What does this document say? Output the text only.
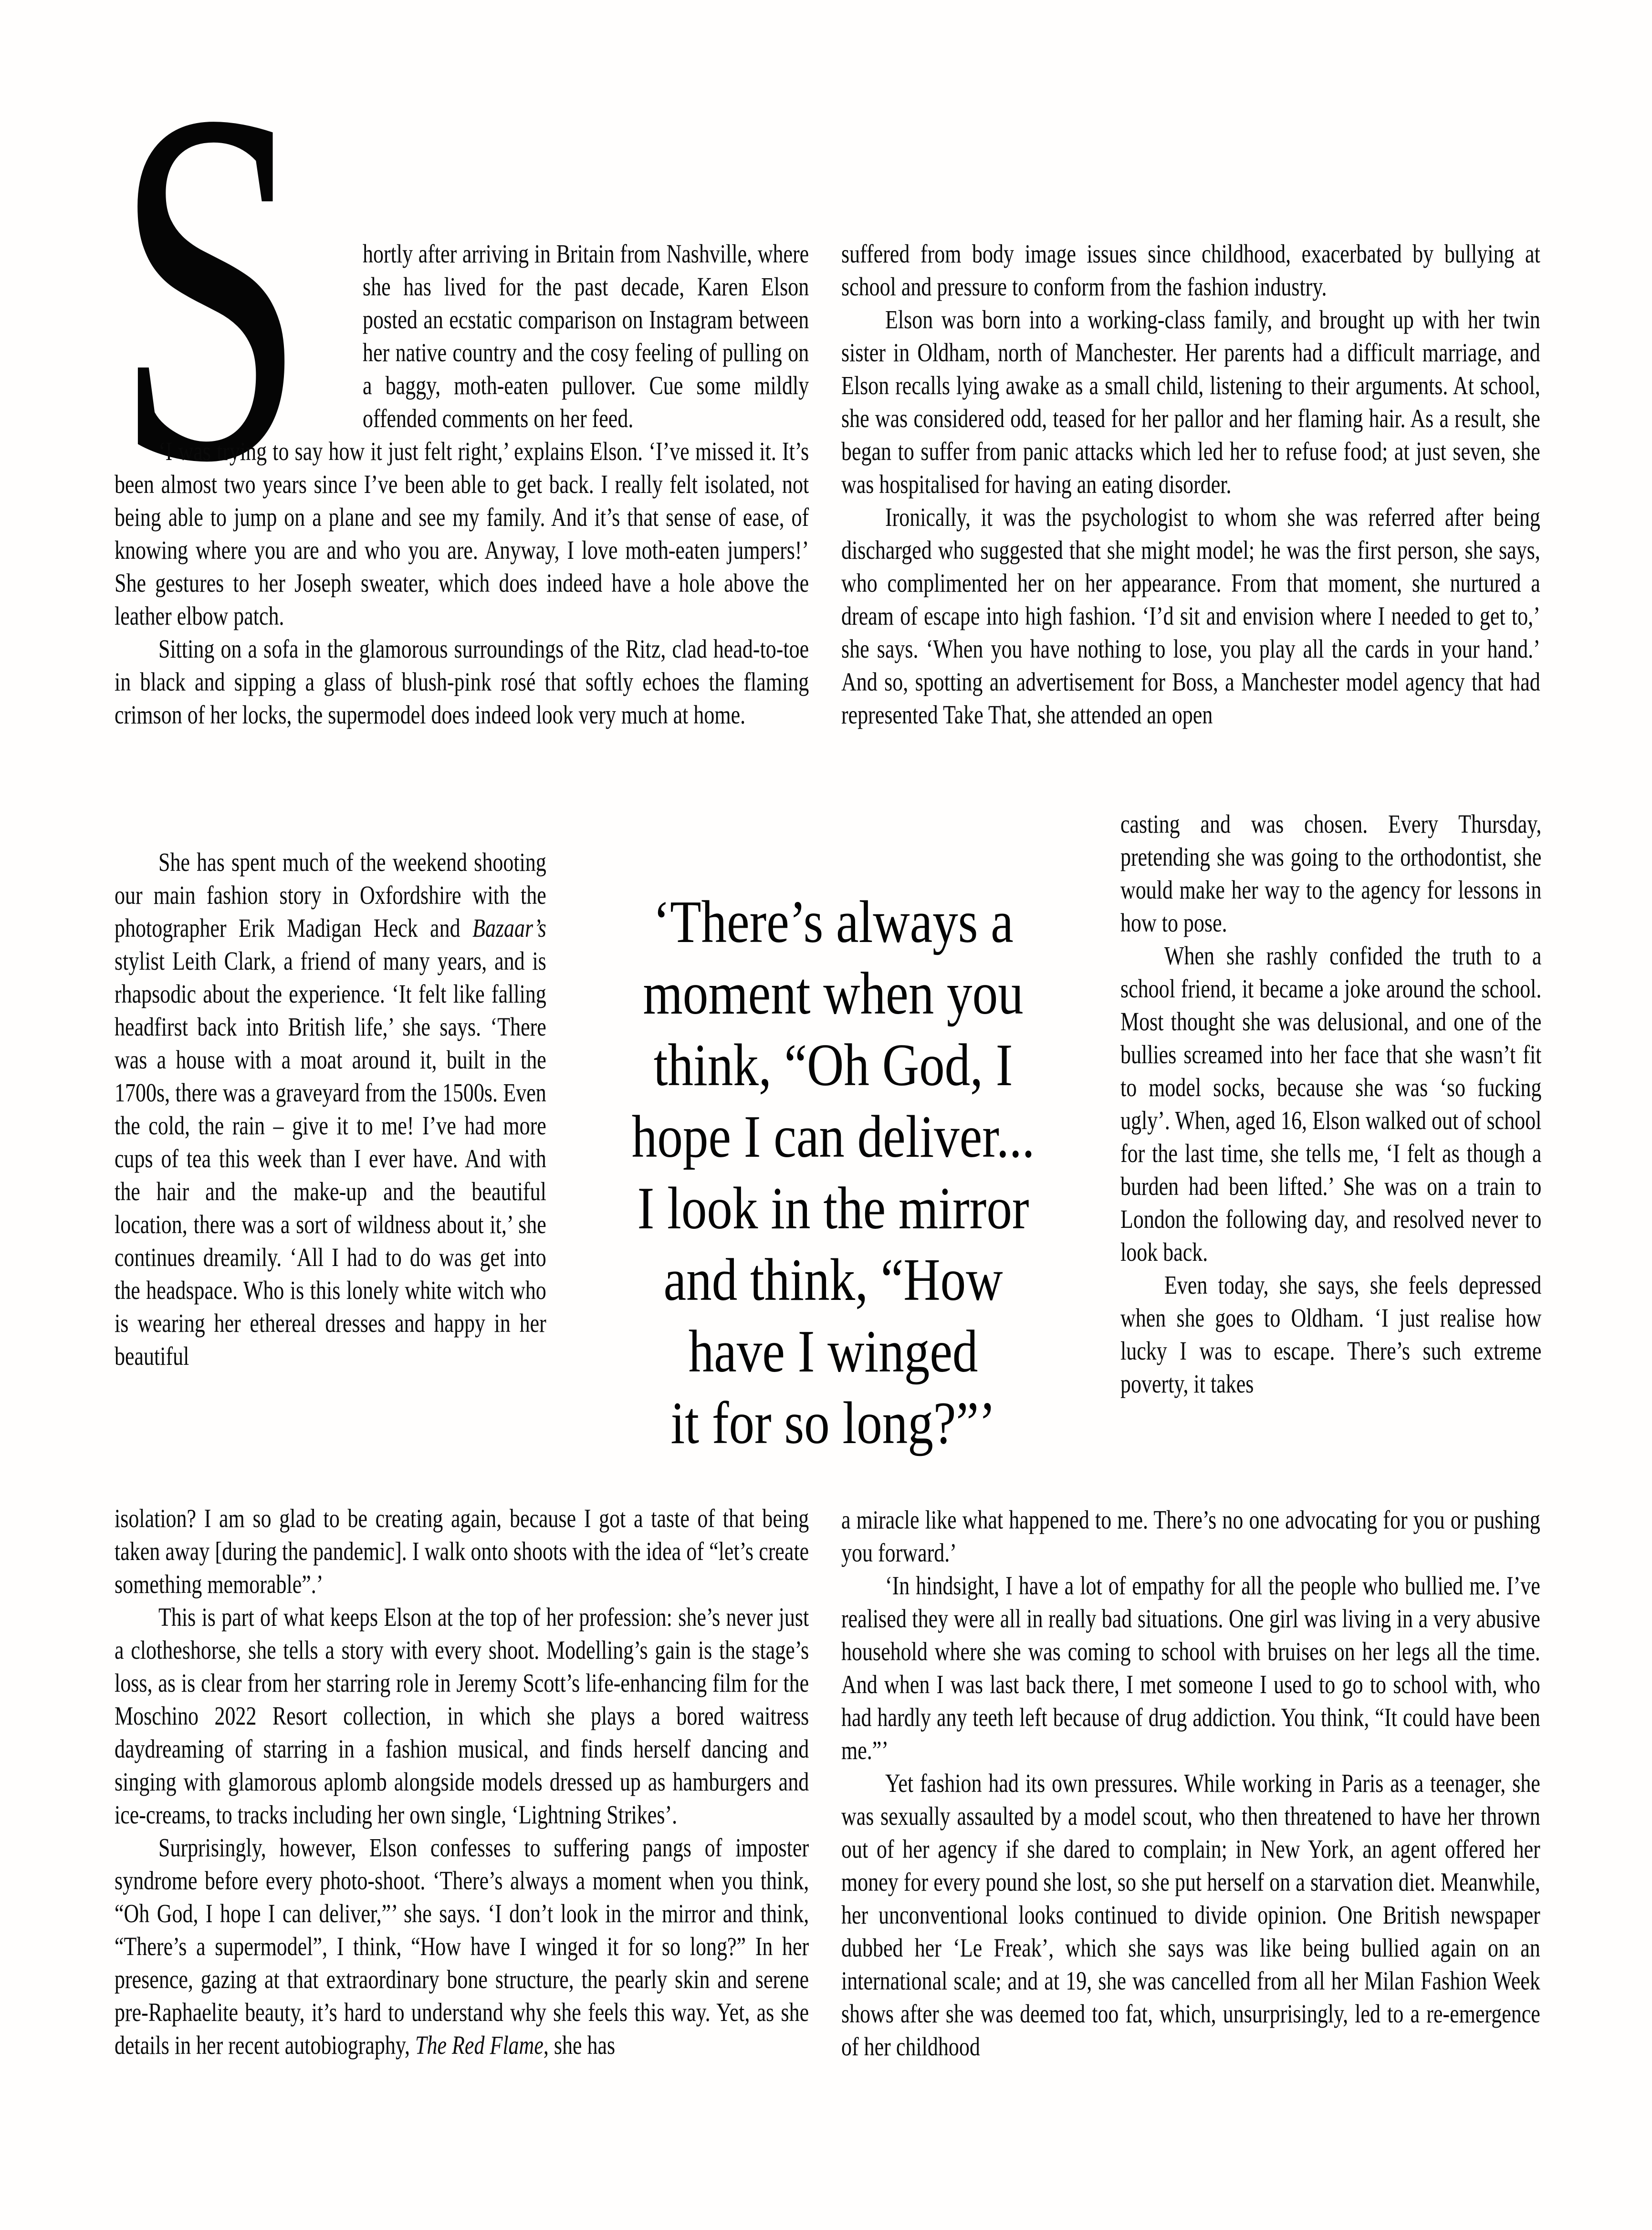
S	hortly after arriving in Britain from Nashville, where she has lived for the past decade, Karen Elson posted an ecstatic comparison on Instagram between her native country and the cosy feeling of pulling on a baggy, moth-eaten pullover. Cue some mildly offended comments on her feed.

‘I was trying to say how it just felt right,’ explains Elson. ‘I’ve missed it. It’s been almost two years since I’ve been able to get back. I really felt isolated, not being able to jump on a plane and see my family. And it’s that sense of ease, of knowing where you are and who you are. Anyway, I love moth-eaten jumpers!’ She gestures to her Joseph sweater, which does indeed have a hole above the leather elbow patch.

Sitting on a sofa in the glamorous surroundings of the Ritz, clad head-to-toe in black and sipping a glass of blush-pink rosé that softly echoes the flaming crimson of her locks, the supermodel does indeed look very much at home.

She has spent much of the weekend shooting our main fashion story in Oxfordshire with the photographer Erik Madigan Heck and Bazaar’s stylist Leith Clark, a friend of many years, and is rhapsodic about the experience. ‘It felt like falling headfirst back into British life,’ she says. ‘There was a house with a moat around it, built in the 1700s, there was a graveyard from the 1500s. Even the cold, the rain – give it to me! I’ve had more cups of tea this week than I ever have. And with the hair and the make-up and the beautiful location, there was a sort of wildness about it,’ she continues dreamily. ‘All I had to do was get into the headspace. Who is this lonely white witch who is wearing her ethereal dresses and happy in her beautiful

isolation? I am so glad to be creating again, because I got a taste of that being taken away [during the pandemic]. I walk onto shoots with the idea of “let’s create something memorable”.’

This is part of what keeps Elson at the top of her profession: she’s never just a clotheshorse, she tells a story with every shoot. Modelling’s gain is the stage’s loss, as is clear from her starring role in Jeremy Scott’s life-enhancing film for the Moschino 2022 Resort collection, in which she plays a bored waitress daydreaming of starring in a fashion musical, and finds herself dancing and singing with glamorous aplomb alongside models dressed up as hamburgers and ice-creams, to tracks including her own single, ‘Lightning Strikes’.

Surprisingly, however, Elson confesses to suffering pangs of imposter syndrome before every photo-shoot. ‘There’s always a moment when you think, “Oh God, I hope I can deliver,”’ she says. ‘I don’t look in the mirror and think, “There’s a supermodel”, I think, “How have I winged it for so long?” In her presence, gazing at that extraordinary bone structure, the pearly skin and serene pre-Raphaelite beauty, it’s hard to understand why she feels this way. Yet, as she details in her recent autobiography, The Red Flame, she has

suffered from body image issues since childhood, exacerbated by bullying at school and pressure to conform from the fashion industry.

Elson was born into a working-class family, and brought up with her twin sister in Oldham, north of Manchester. Her parents had a difficult marriage, and Elson recalls lying awake as a small child, listening to their arguments. At school, she was considered odd, teased for her pallor and her flaming hair. As a result, she began to suffer from panic attacks which led her to refuse food; at just seven, she was hospitalised for having an eating disorder.

Ironically, it was the psychologist to whom she was referred after being discharged who suggested that she might model; he was the first person, she says, who complimented her on her appearance. From that moment, she nurtured a dream of escape into high fashion. ‘I’d sit and envision where I needed to get to,’ she says. ‘When you have nothing to lose, you play all the cards in your hand.’ And so, spotting an advertisement for Boss, a Manchester model agency that had represented Take That, she attended an open

casting and was chosen. Every Thursday, pretending she was going to the orthodontist, she would make her way to the agency for lessons in how to pose.

When she rashly confided the truth to a school friend, it became a joke around the school. Most thought she was delusional, and one of the bullies screamed into her face that she wasn’t fit to model socks, because she was ‘so fucking ugly’. When, aged 16, Elson walked out of school for the last time, she tells me, ‘I felt as though a burden had been lifted.’ She was on a train to London the following day, and resolved never to look back.

Even today, she says, she feels depressed when she goes to Oldham. ‘I just realise how lucky I was to escape. There’s such extreme poverty, it takes

a miracle like what happened to me. There’s no one advocating for you or pushing you forward.’

‘In hindsight, I have a lot of empathy for all the people who bullied me. I’ve realised they were all in really bad situations. One girl was living in a very abusive household where she was coming to school with bruises on her legs all the time. And when I was last back there, I met someone I used to go to school with, who had hardly any teeth left because of drug addiction. You think, “It could have been me.”’

Yet fashion had its own pressures. While working in Paris as a teenager, she was sexually assaulted by a model scout, who then threatened to have her thrown out of her agency if she dared to complain; in New York, an agent offered her money for every pound she lost, so she put herself on a starvation diet. Meanwhile, her unconventional looks continued to divide opinion. One British newspaper dubbed her ‘Le Freak’, which she says was like being bullied again on an international scale; and at 19, she was cancelled from all her Milan Fashion Week shows after she was deemed too fat, which, unsurprisingly, led to a re-emergence of her childhood

‘There’s always a
moment when you
think, “Oh God, I
hope I can deliver...
I look in the mirror
and think, “How
have I winged
it for so long?”’
